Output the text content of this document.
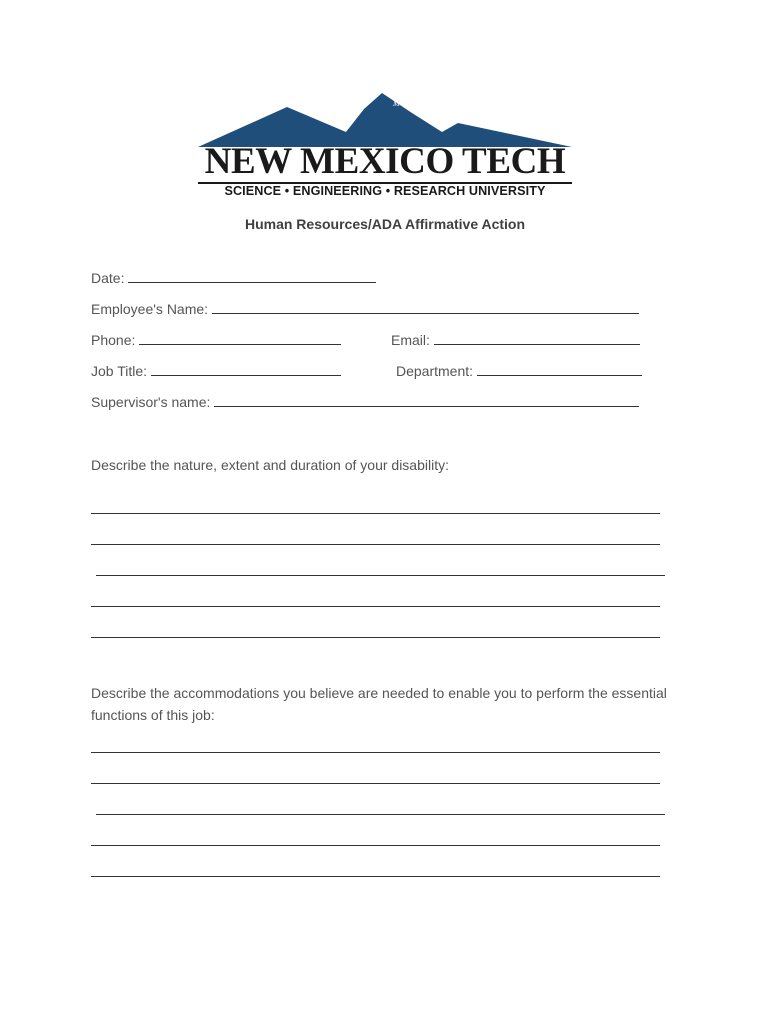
M
NEW MEXICO TECH
SCIENCE • ENGINEERING • RESEARCH UNIVERSITY
Human Resources/ADA Affirmative Action
Date:
Employee's Name:
Phone:	Email:
Job Title:	Department:
Supervisor's name:
Describe the nature, extent and duration of your disability:
Describe the accommodations you believe are needed to enable you to perform the essential functions of this job:
